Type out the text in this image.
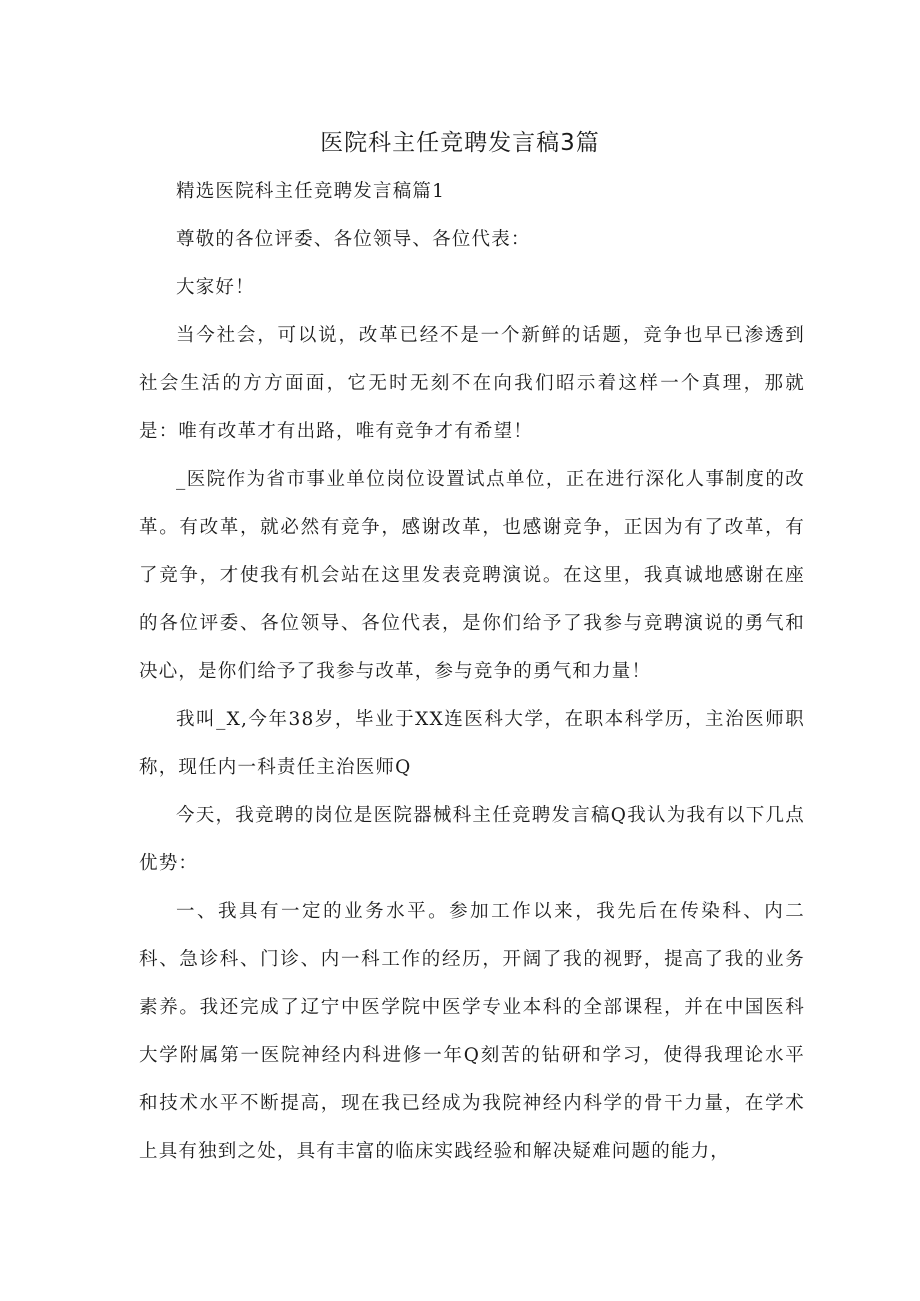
医院科主任竞聘发言稿3篇

精选医院科主任竞聘发言稿篇1

尊敬的各位评委、各位领导、各位代表：

大家好！

当今社会，可以说，改革已经不是一个新鲜的话题，竞争也早已渗透到社会生活的方方面面，它无时无刻不在向我们昭示着这样一个真理，那就是：唯有改革才有出路，唯有竞争才有希望！

_医院作为省市事业单位岗位设置试点单位，正在进行深化人事制度的改革。有改革，就必然有竞争，感谢改革，也感谢竞争，正因为有了改革，有了竞争，才使我有机会站在这里发表竞聘演说。在这里，我真诚地感谢在座的各位评委、各位领导、各位代表，是你们给予了我参与竞聘演说的勇气和决心，是你们给予了我参与改革，参与竞争的勇气和力量！

我叫_X,今年38岁，毕业于XX连医科大学，在职本科学历，主治医师职称，现任内一科责任主治医师Q

今天，我竞聘的岗位是医院器械科主任竞聘发言稿Q我认为我有以下几点优势：

一、我具有一定的业务水平。参加工作以来，我先后在传染科、内二科、急诊科、门诊、内一科工作的经历，开阔了我的视野，提高了我的业务素养。我还完成了辽宁中医学院中医学专业本科的全部课程，并在中国医科大学附属第一医院神经内科进修一年Q刻苦的钻研和学习，使得我理论水平和技术水平不断提高，现在我已经成为我院神经内科学的骨干力量，在学术上具有独到之处，具有丰富的临床实践经验和解决疑难问题的能力，
